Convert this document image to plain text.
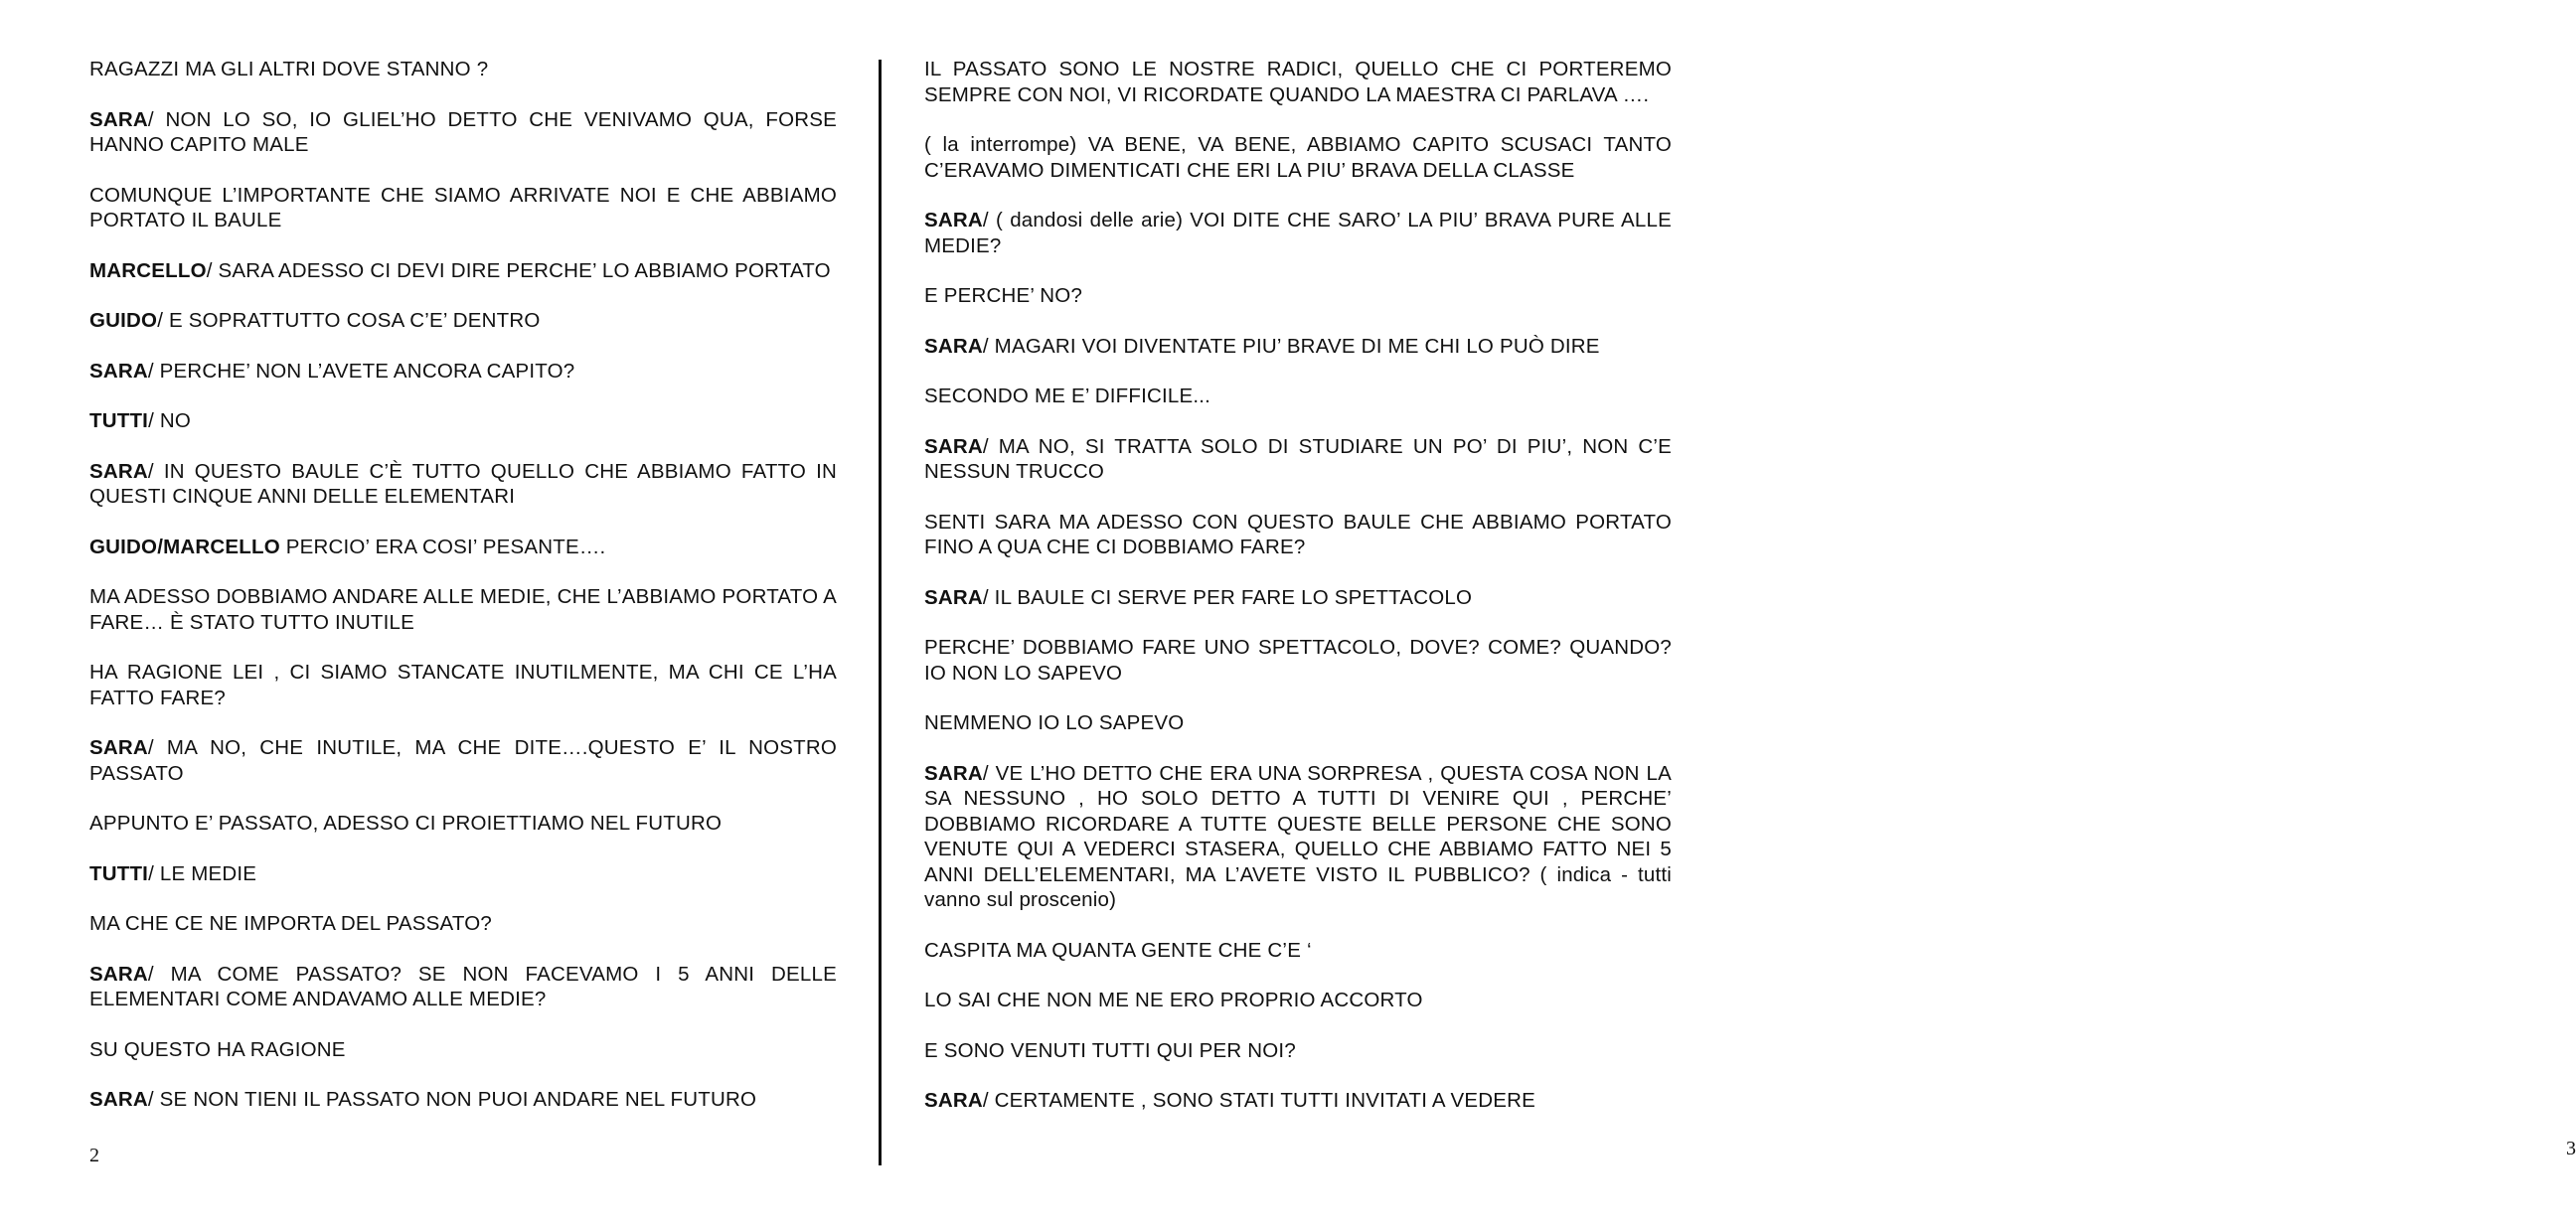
RAGAZZI MA GLI ALTRI DOVE STANNO ?

SARA/ NON LO SO, IO GLIEL’HO DETTO CHE VENIVAMO QUA, FORSE HANNO CAPITO MALE

COMUNQUE L’IMPORTANTE CHE SIAMO ARRIVATE NOI E CHE ABBIAMO PORTATO IL BAULE

MARCELLO/ SARA ADESSO CI DEVI DIRE PERCHE’ LO ABBIAMO PORTATO

GUIDO/ E SOPRATTUTTO COSA C’E’ DENTRO

SARA/ PERCHE’ NON L’AVETE ANCORA CAPITO?

TUTTI/ NO

SARA/ IN QUESTO BAULE C’È TUTTO QUELLO CHE ABBIAMO FATTO IN QUESTI CINQUE ANNI DELLE ELEMENTARI

GUIDO/MARCELLO PERCIO’ ERA COSI’ PESANTE….

MA ADESSO DOBBIAMO ANDARE ALLE MEDIE, CHE L’ABBIAMO PORTATO A FARE… È STATO TUTTO INUTILE

HA RAGIONE LEI , CI SIAMO STANCATE INUTILMENTE, MA CHI CE L’HA FATTO FARE?

SARA/ MA NO, CHE INUTILE, MA CHE DITE….QUESTO E’ IL NOSTRO PASSATO

APPUNTO E’ PASSATO, ADESSO CI PROIETTIAMO NEL FUTURO

TUTTI/ LE MEDIE

MA CHE CE NE IMPORTA DEL PASSATO?

SARA/ MA COME PASSATO? SE NON FACEVAMO I 5 ANNI DELLE ELEMENTARI COME ANDAVAMO ALLE MEDIE?

SU QUESTO HA RAGIONE

SARA/ SE NON TIENI IL PASSATO NON PUOI ANDARE NEL FUTURO

2

IL PASSATO SONO LE NOSTRE RADICI, QUELLO CHE CI PORTEREMO SEMPRE CON NOI, VI RICORDATE QUANDO LA MAESTRA CI PARLAVA ….

( la interrompe) VA BENE, VA BENE, ABBIAMO CAPITO SCUSACI TANTO C’ERAVAMO DIMENTICATI CHE ERI LA PIU’ BRAVA DELLA CLASSE

SARA/ ( dandosi delle arie) VOI DITE CHE SARO’ LA PIU’ BRAVA PURE ALLE MEDIE?

E PERCHE’ NO?

SARA/ MAGARI VOI DIVENTATE PIU’ BRAVE DI ME CHI LO PUÒ DIRE

SECONDO ME E’ DIFFICILE...

SARA/ MA NO, SI TRATTA SOLO DI STUDIARE UN PO’ DI PIU’, NON C’E NESSUN TRUCCO

SENTI SARA MA ADESSO CON QUESTO BAULE CHE ABBIAMO PORTATO FINO A QUA CHE CI DOBBIAMO FARE?

SARA/ IL BAULE CI SERVE PER FARE LO SPETTACOLO

PERCHE’ DOBBIAMO FARE UNO SPETTACOLO, DOVE? COME? QUANDO? IO NON LO SAPEVO

NEMMENO IO LO SAPEVO

SARA/ VE L’HO DETTO CHE ERA UNA SORPRESA , QUESTA COSA NON LA SA NESSUNO , HO SOLO DETTO A TUTTI DI VENIRE QUI , PERCHE’ DOBBIAMO RICORDARE A TUTTE QUESTE BELLE PERSONE CHE SONO VENUTE QUI A VEDERCI STASERA, QUELLO CHE ABBIAMO FATTO NEI 5 ANNI DELL’ELEMENTARI, MA L’AVETE VISTO IL PUBBLICO? ( indica - tutti vanno sul proscenio)

CASPITA MA QUANTA GENTE CHE C’E ‘

LO SAI CHE NON ME NE ERO PROPRIO ACCORTO

E SONO VENUTI TUTTI QUI PER NOI?

SARA/ CERTAMENTE , SONO STATI TUTTI INVITATI A VEDERE

3
